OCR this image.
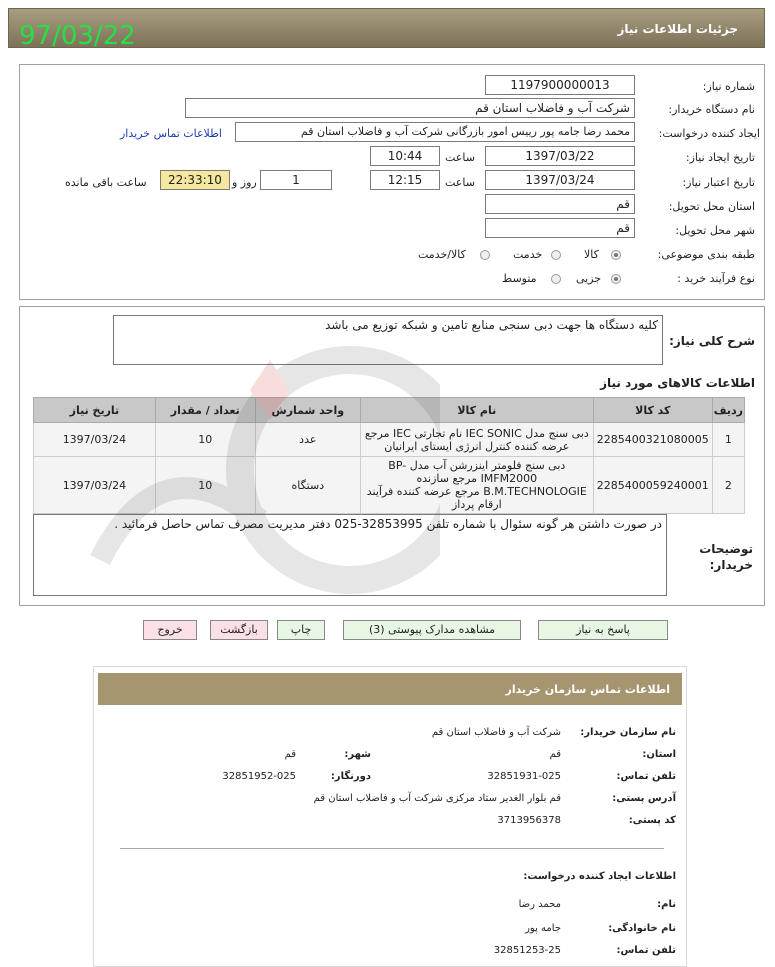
97/03/22	جزئیات اطلاعات نیاز
شماره نیاز:
1197900000013
نام دستگاه خریدار:
شرکت آب و فاضلاب استان قم
ایجاد کننده درخواست:
محمد رضا جامه پور رییس امور بازرگانی شرکت آب و فاضلاب استان قم
اطلاعات تماس خریدار
تاریخ ایجاد نیاز:
1397/03/22
ساعت
10:44
تاریخ اعتبار نیاز:
1397/03/24
ساعت
12:15
1
روز و
22:33:10
ساعت باقی مانده
استان محل تحویل:
قم
شهر محل تحویل:
قم
طبقه بندی موضوعی:
کالا
خدمت
کالا/خدمت
نوع فرآیند خرید :
جزیی
متوسط
شرح کلی نیاز:
کلیه دستگاه ها جهت دبی سنجی منابع تامین و شبکه توزیع می باشد
اطلاعات کالاهای مورد نیاز
ردیف	کد کالا	نام کالا	واحد شمارش	تعداد / مقدار	تاریخ نیاز
1	2285400321080005	دبی سنج مدل IEC SONIC نام تجارتی IEC مرجع عرضه کننده کنترل انرژی ایستای ایرانیان	عدد	10	1397/03/24
2	2285400059240001	دبی سنج فلومتر اینزرشن آب مدل BP-IMFM2000 مرجع سازنده B.M.TECHNOLOGIE مرجع عرضه کننده فرآیند ارقام پرداز	دستگاه	10	1397/03/24
در صورت داشتن هر گونه سئوال با شماره تلفن 32853995-025 دفتر مدیریت مصرف تماس حاصل فرمائید .
توضیحات
خریدار:
پاسخ به نیاز
مشاهده مدارک پیوستی (3)
چاپ
بازگشت
خروج
اطلاعات تماس سازمان خریدار
نام سازمان خریدار:
شرکت آب و فاضلاب استان قم
استان:
قم
شهر:
قم
تلفن تماس:
32851931-025
دورنگار:
32851952-025
آدرس پستی:
قم بلوار الغدیر ستاد مرکزی شرکت آب و فاضلاب استان قم
کد پستی:
3713956378
اطلاعات ایجاد کننده درخواست:
نام:
محمد رضا
نام خانوادگی:
جامه پور
تلفن تماس:
32851253-25
